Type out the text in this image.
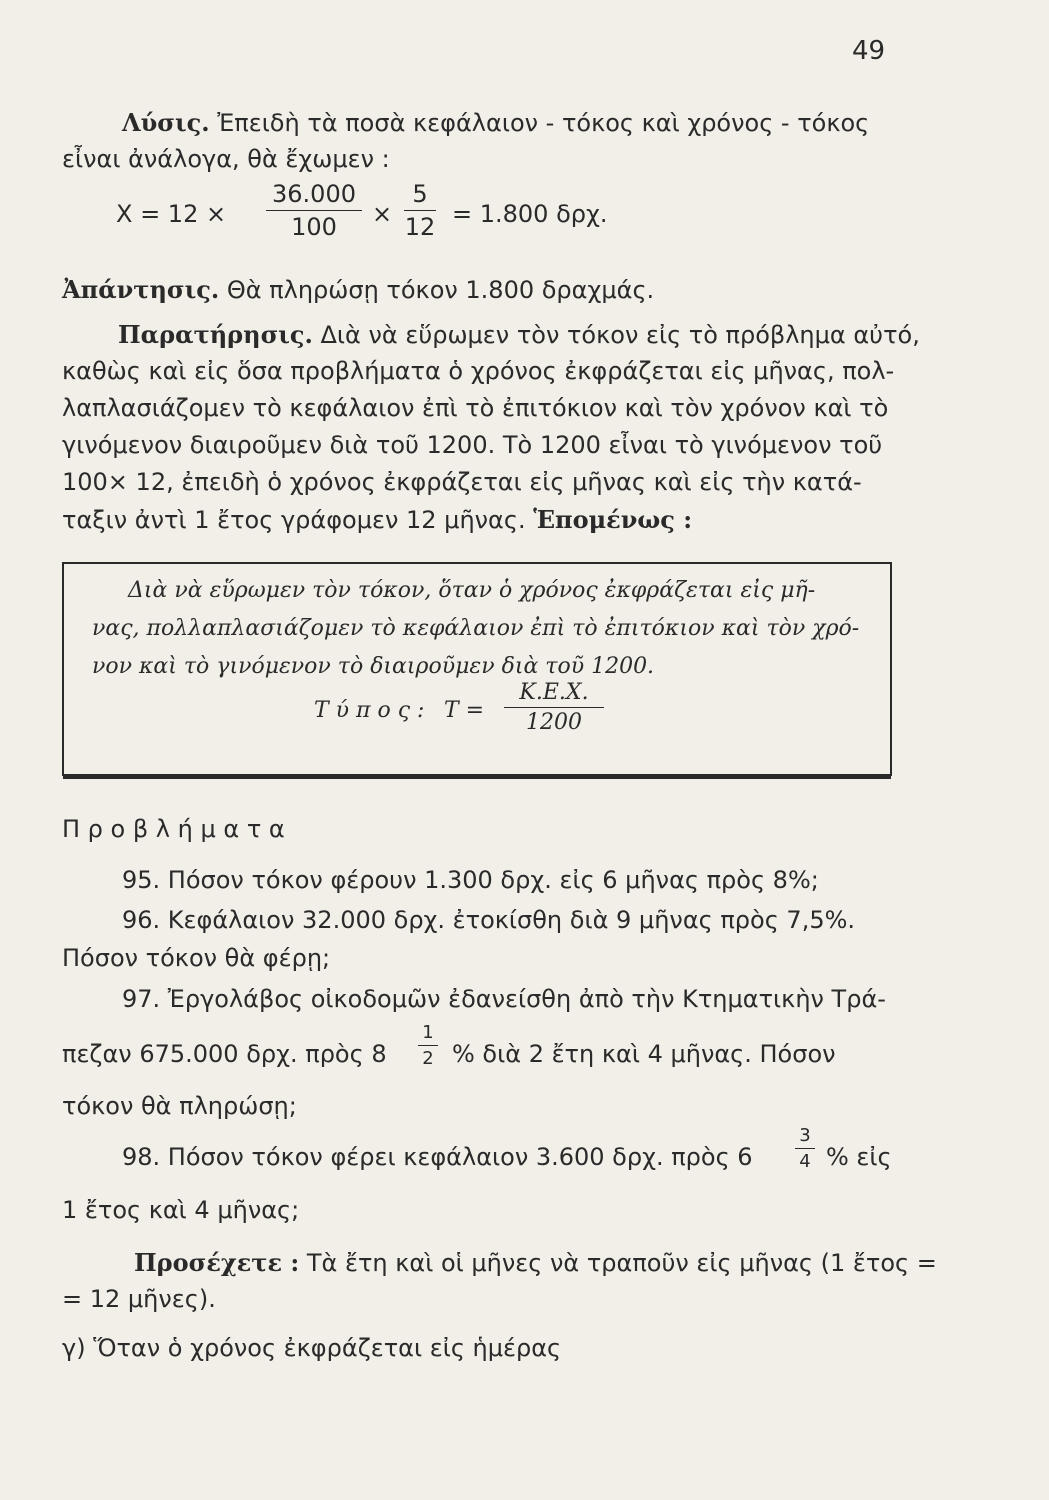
49
Λύσις. Ἐπειδὴ τὰ ποσὰ κεφάλαιον - τόκος καὶ χρόνος - τόκος
εἶναι ἀνάλογα, θὰ ἔχωμεν :
$X = 12 \times \frac{36.000}{100} \times \frac{5}{12} = 1.800$ δρχ.
Ἀπάντησις. Θὰ πληρώσῃ τόκον 1.800 δραχμάς.
Παρατήρησις. Διὰ νὰ εὕρωμεν τὸν τόκον εἰς τὸ πρόβλημα αὐτό,
καθὼς καὶ εἰς ὅσα προβλήματα ὁ χρόνος ἐκφράζεται εἰς μῆνας, πολ-
λαπλασιάζομεν τὸ κεφάλαιον ἐπὶ τὸ ἐπιτόκιον καὶ τὸν χρόνον καὶ τὸ
γινόμενον διαιροῦμεν διὰ τοῦ 1200. Τὸ 1200 εἶναι τὸ γινόμενον τοῦ
100× 12, ἐπειδὴ ὁ χρόνος ἐκφράζεται εἰς μῆνας καὶ εἰς τὴν κατά-
ταξιν ἀντὶ 1 ἔτος γράφομεν 12 μῆνας. Ἑπομένως :
Διὰ νὰ εὕρωμεν τὸν τόκον, ὅταν ὁ χρόνος ἐκφράζεται εἰς μῆ-
νας, πολλαπλασιάζομεν τὸ κεφάλαιον ἐπὶ τὸ ἐπιτόκιον καὶ τὸν χρό-
νον καὶ τὸ γινόμενον τὸ διαιροῦμεν διὰ τοῦ 1200.
Τ ύ π ο ς : $T = \frac{K.E.X.}{1200}$
Π ρ ο β λ ή μ α τ α
95. Πόσον τόκον φέρουν 1.300 δρχ. εἰς 6 μῆνας πρὸς 8%;
96. Κεφάλαιον 32.000 δρχ. ἐτοκίσθη διὰ 9 μῆνας πρὸς 7,5%.
Πόσον τόκον θὰ φέρῃ;
97. Ἐργολάβος οἰκοδομῶν ἐδανείσθη ἀπὸ τὴν Κτηματικὴν Τρά-
πεζαν 675.000 δρχ. πρὸς $8 \frac{1}{2}$ % διὰ 2 ἔτη καὶ 4 μῆνας. Πόσον
τόκον θὰ πληρώσῃ;
98. Πόσον τόκον φέρει κεφάλαιον 3.600 δρχ. πρὸς $6 \frac{3}{4}$ % εἰς
1 ἔτος καὶ 4 μῆνας;
Προσέχετε : Τὰ ἔτη καὶ οἱ μῆνες νὰ τραποῦν εἰς μῆνας (1 ἔτος =
= 12 μῆνες).
γ) Ὅταν ὁ χρόνος ἐκφράζεται εἰς ἡμέρας
